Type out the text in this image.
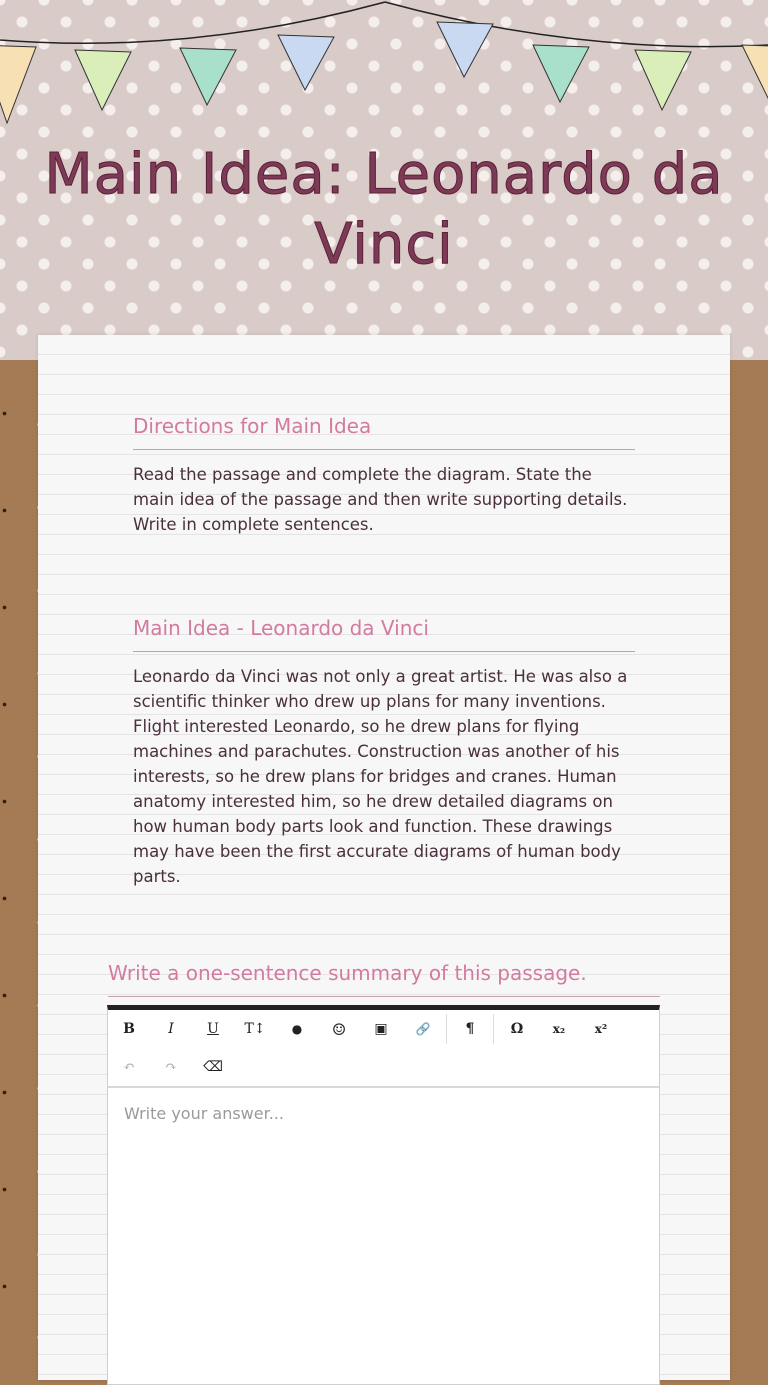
Main Idea: Leonardo da Vinci
Directions for Main Idea
Read the passage and complete the diagram. State the main idea of the passage and then write supporting details. Write in complete sentences.
Main Idea - Leonardo da Vinci
Leonardo da Vinci was not only a great artist. He was also a scientific thinker who drew up plans for many inventions. Flight interested Leonardo, so he drew plans for flying machines and parachutes. Construction was another of his interests, so he drew plans for bridges and cranes. Human anatomy interested him, so he drew detailed diagrams on how human body parts look and function. These drawings may have been the first accurate diagrams of human body parts.
Write a one-sentence summary of this passage.
B	I	U	T↕	●	☺	▣	🔗	¶	Ω	x₂	x²
↶	↷	⌫
Write your answer...
